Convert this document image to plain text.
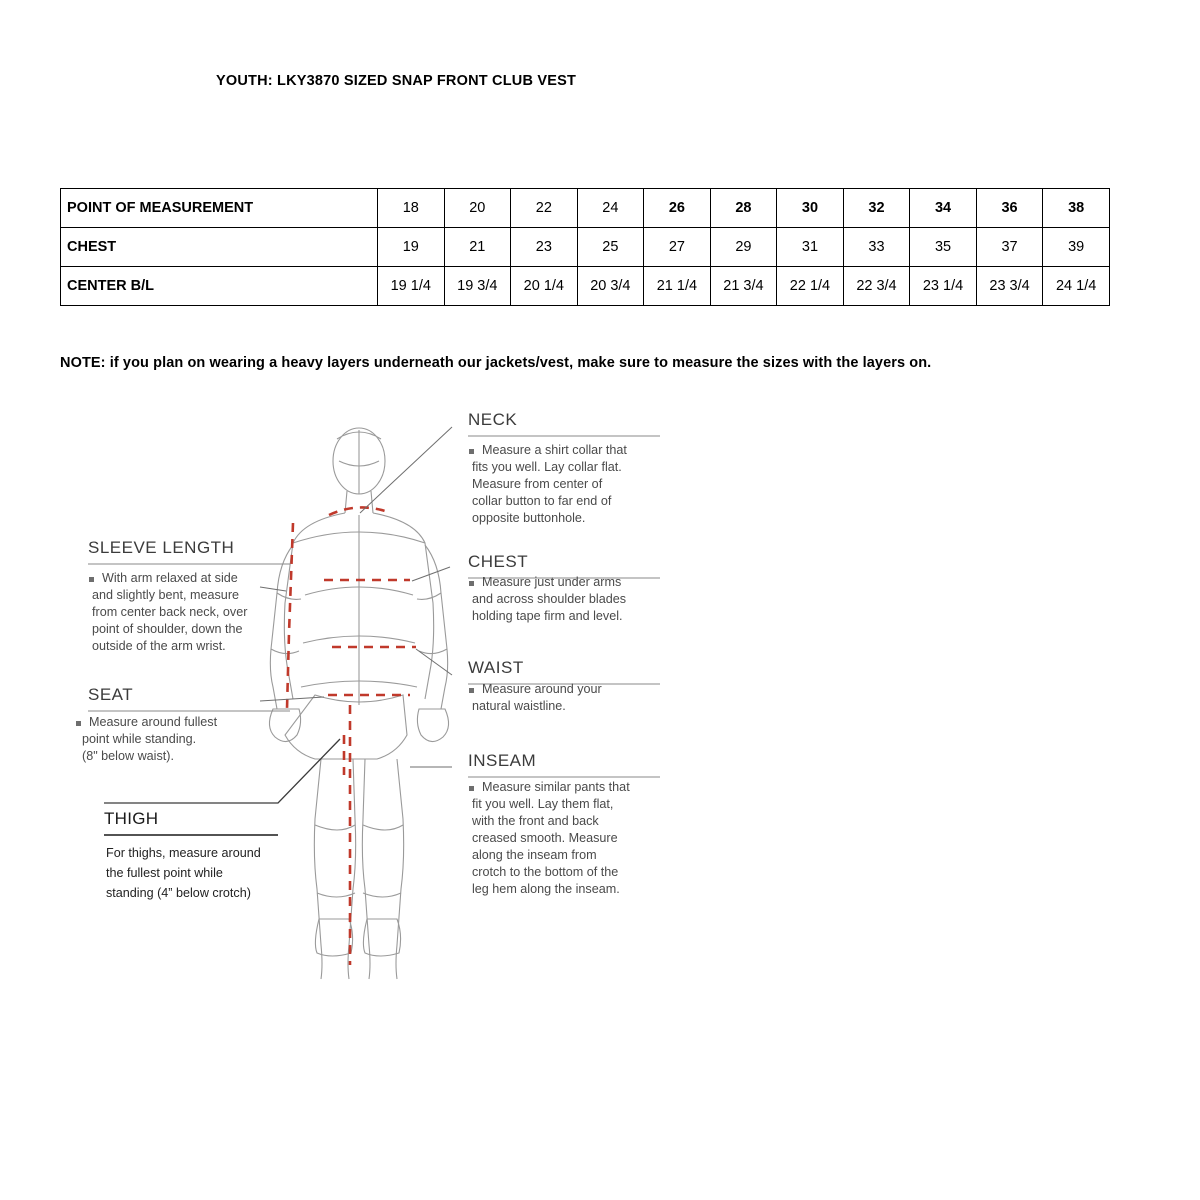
YOUTH: LKY3870 SIZED SNAP FRONT CLUB VEST
POINT OF MEASUREMENT	18	20	22	24	26	28	30	32	34	36	38
CHEST	19	21	23	25	27	29	31	33	35	37	39
CENTER B/L	19 1/4	19 3/4	20 1/4	20 3/4	21 1/4	21 3/4	22 1/4	22 3/4	23 1/4	23 3/4	24 1/4
NOTE: if you plan on wearing a heavy layers underneath our jackets/vest, make sure to measure the sizes with the layers on.
NECK
Measure a shirt collar that fits you well. Lay collar flat. Measure from center of collar button to far end of opposite buttonhole.
CHEST
Measure just under arms and across shoulder blades holding tape firm and level.
WAIST
Measure around your natural waistline.
INSEAM
Measure similar pants that fit you well. Lay them flat, with the front and back creased smooth. Measure along the inseam from crotch to the bottom of the leg hem along the inseam.
SLEEVE LENGTH
With arm relaxed at side and slightly bent, measure from center back neck, over point of shoulder, down the outside of the arm wrist.
SEAT
Measure around fullest point while standing. (8" below waist).
THIGH
For thighs, measure around the fullest point while standing (4” below crotch)
